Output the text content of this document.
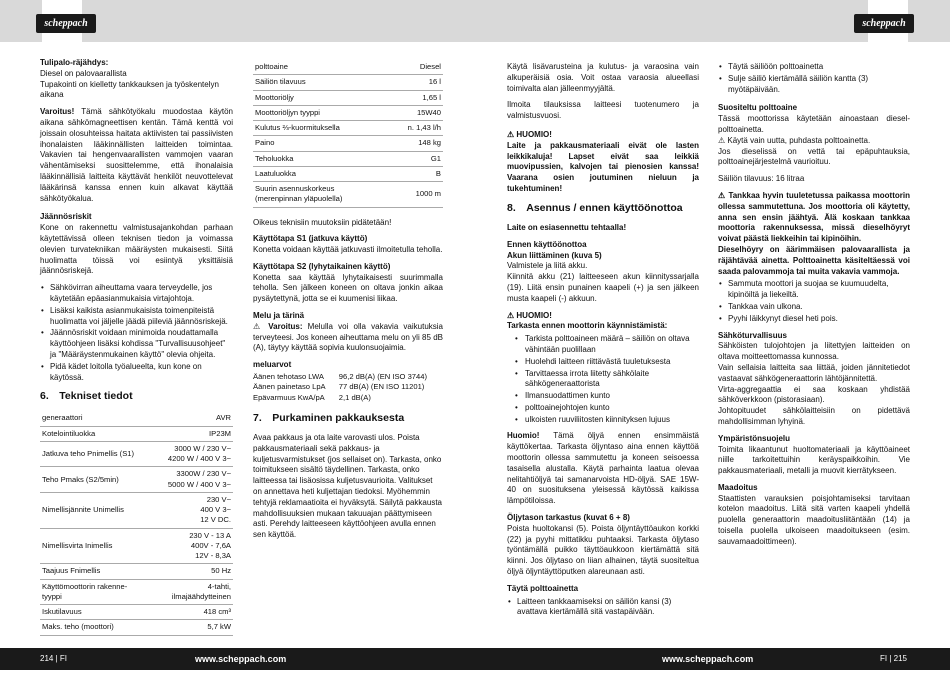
scheppach	scheppach

Tulipalo-räjähdys:
Diesel on palovaarallista
Tupakointi on kielletty tankkauksen ja työskentelyn aikana

Varoitus! Tämä sähkötyökalu muodostaa käytön aikana sähkömagneettisen kentän. Tämä kenttä voi joissain olosuhteissa haitata aktiivisten tai passiivisten ihonalaisten lääkinnällisten laitteiden toimintaa. Vakavien tai hengenvaarallisten vammojen vaaran vähentämiseksi suosittelemme, että ihonalaisia lääkinnällisiä laitteita käyttävät henkilöt neuvottelevat lääkärinsä kanssa ennen kuin alkavat käyttää sähkötyökalua.

Jäännösriskit
Kone on rakennettu valmistusajankohdan parhaan käytettävissä olleen teknisen tiedon ja voimassa olevien turvatekniikan määräysten mukaisesti. Siitä huolimatta töissä voi esiintyä yksittäisiä jäännösriskejä.

• Sähkövirran aiheuttama vaara terveydelle, jos käytetään epäasianmukaisia virtajohtoja.
• Lisäksi kaikista asianmukaisista toimenpiteistä huolimatta voi jäljelle jäädä piileviä jäännösriskejä.
• Jäännösriskit voidaan minimoida noudattamalla käyttöohjeen lisäksi kohdissa "Turvallisuusohjeet" ja "Määräystenmukainen käyttö" olevia ohjeita.
• Pidä kädet loitolla työalueelta, kun kone on käytössä.
6. Tekniset tiedot
generaattori	AVR
Kotelointiluokka	IP23M
Jatkuva teho Pnimellis (S1)	3000 W / 230 V~
4200 W / 400 V 3~
Teho Pmaks (S2/5min)	3300W / 230 V~
5000 W / 400 V 3~
Nimellisjännite Unimellis	230 V~
400 V 3~
12 V DC.
Nimellisvirta Inimellis	230 V - 13 A
400V - 7,6A
12V - 8,3A
Taajuus Fnimellis	50 Hz
Käyttömoottorin rakennetyyppi	4-tahti, ilmajäähdytteinen
Iskutilavuus	418 cm³
Maks. teho (moottori)	5,7 kW
polttoaine	Diesel
Säiliön tilavuus	16 l
Moottoriöljy	1,65 l
Moottoriöljyn tyyppi	15W40
Kulutus ⅔-kuormituksella	n. 1,43 l/h
Paino	148 kg
Teholuokka	G1
Laatuluokka	B
Suurin asennuskorkeus (merenpinnan yläpuolella)	1000 m

Oikeus teknisiin muutoksiin pidätetään!

Käyttötapa S1 (jatkuva käyttö)
Konetta voidaan käyttää jatkuvasti ilmoitetulla teholla.

Käyttötapa S2 (lyhytaikainen käyttö)
Konetta saa käyttää lyhytaikaisesti suurimmalla teholla. Sen jälkeen koneen on oltava jonkin aikaa pysäytettynä, jotta se ei kuumenisi liikaa.

Melu ja tärinä
⚠ Varoitus: Melulla voi olla vakavia vaikutuksia terveyteesi. Jos koneen aiheuttama melu on yli 85 dB (A), täytyy käyttää sopivia kuulonsuojaimia.

meluarvot

Äänen tehotaso LWA	96,2 dB(A) (EN ISO 3744)
Äänen painetaso LpA	77 dB(A) (EN ISO 11201)
Epävarmuus KwA/pA	2,1 dB(A)
7. Purkaminen pakkauksesta

Avaa pakkaus ja ota laite varovasti ulos. Poista pakkausmateriaali sekä pakkaus- ja kuljetusvarmistukset (jos sellaiset on). Tarkasta, onko toimitukseen sisältö täydellinen. Tarkasta, onko laitteessa tai lisäosissa kuljetusvaurioita. Valitukset on annettava heti kuljettajan tiedoksi. Myöhemmin tehtyjä reklamaatioita ei hyväksytä. Säilytä pakkausta mahdollisuuksien mukaan takuuajan päättymiseen asti. Perehdy laitteeseen käyttöohjeen avulla ennen sen käyttöä.

Käytä lisävarusteina ja kulutus- ja varaosina vain alkuperäisiä osia. Voit ostaa varaosia alueellasi toimivalta alan jälleenmyyjältä.

Ilmoita tilauksissa laitteesi tuotenumero ja valmistusvuosi.

⚠ HUOMIO!

Laite ja pakkausmateriaali eivät ole lasten leikkikaluja! Lapset eivät saa leikkiä muovipussien, kalvojen tai pienosien kanssa! Vaarana osien joutuminen nieluun ja tukehtuminen!

8. Asennus / ennen käyttöönottoa

Laite on esiasennettu tehtaalla!

Ennen käyttöönottoa
Akun liittäminen (kuva 5)
Valmistele ja liitä akku.
Kiinnitä akku (21) laitteeseen akun kiinnityssarjalla (19). Liitä ensin punainen kaapeli (+) ja sen jälkeen musta kaapeli (-) akkuun.

⚠ HUOMIO!

Tarkasta ennen moottorin käynnistämistä:

• Tarkista polttoaineen määrä – säiliön on oltava vähintään puolillaan
• Huolehdi laitteen riittävästä tuuletuksesta
• Tarvittaessa irrota liitetty sähkölaite sähkögeneraattorista
• Ilmansuodattimen kunto
• polttoainejohtojen kunto
• ulkoisten ruuviliitosten kiinnityksen lujuus

Huomio! Tämä öljyä ennen ensimmäistä käyttökertaa. Tarkasta öljyntaso aina ennen käyttöä moottorin ollessa sammutettu ja koneen seisoessa tasaisella alustalla. Käytä parhainta laatua olevaa nelitahtiöljyä tai samanarvoista HD-öljyä. SAE 15W-40 on suosituksena yleisessä käytössä kaikissa lämpötiloissa.

Öljytason tarkastus (kuvat 6 + 8)
Poista huoltokansi (5). Poista öljyntäyttöaukon korkki (22) ja pyyhi mittatikku puhtaaksi. Tarkasta öljytaso työntämällä puikko täyttöaukkoon kiertämättä sitä kiinni. Jos öljytaso on liian alhainen, täytä suositeltua öljyä öljyntäyttöputken alareunaan asti.

Täytä polttoainetta

• Laitteen tankkaamiseksi on säiliön kansi (3) avattava kiertämällä sitä vastapäivään.
• Täytä säiliöön polttoainetta
• Sulje säiliö kiertämällä säiliön kantta (3) myötäpäivään.

Suositeltu polttoaine
Tässä moottorissa käytetään ainoastaan diesel-polttoainetta.
⚠ Käytä vain uutta, puhdasta polttoainetta.
Jos dieselissä on vettä tai epäpuhtauksia, polttoainejärjestelmä vaurioituu.

Säiliön tilavuus: 16 litraa

⚠ Tankkaa hyvin tuuletetussa paikassa moottorin ollessa sammutettuna. Jos moottoria oli käytetty, anna sen ensin jäähtyä. Älä koskaan tankkaa moottoria rakennuksessa, missä dieselhöyryt voivat päästä liekkeihin tai kipinöihin.

Dieselhöyry on äärimmäisen palovaarallista ja räjähtävää ainetta. Polttoainetta käsiteltäessä voi saada palovammoja tai muita vakavia vammoja.

• Sammuta moottori ja suojaa se kuumuudelta, kipinöiltä ja liekeiltä.
• Tankkaa vain ulkona.
• Pyyhi läikkynyt diesel heti pois.

Sähköturvallisuus
Sähköisten tulojohtojen ja liitettyjen laitteiden on oltava moitteettomassa kunnossa.
Vain sellaisia laitteita saa liittää, joiden jännitetiedot vastaavat sähkögeneraattorin lähtöjännitettä.
Virta-aggregaattia ei saa koskaan yhdistää sähköverkkoon (pistorasiaan).
Johtopituudet sähkölaitteisiin on pidettävä mahdollisimman lyhyinä.

Ympäristönsuojelu
Toimita likaantunut huoltomateriaali ja käyttöaineet niille tarkoitettuihin keräyspaikkoihin. Vie pakkausmateriaali, metalli ja muovit kierrätykseen.

Maadoitus
Staattisten varauksien poisjohtamiseksi tarvitaan kotelon maadoitus. Liitä sitä varten kaapeli yhdellä puolella generaattorin maadoitusliitäntään (14) ja toisella puolella ulkoiseen maadoitukseen (esim. sauvamaadoittimeen).

214 | FI	www.scheppach.com	www.scheppach.com	FI | 215
